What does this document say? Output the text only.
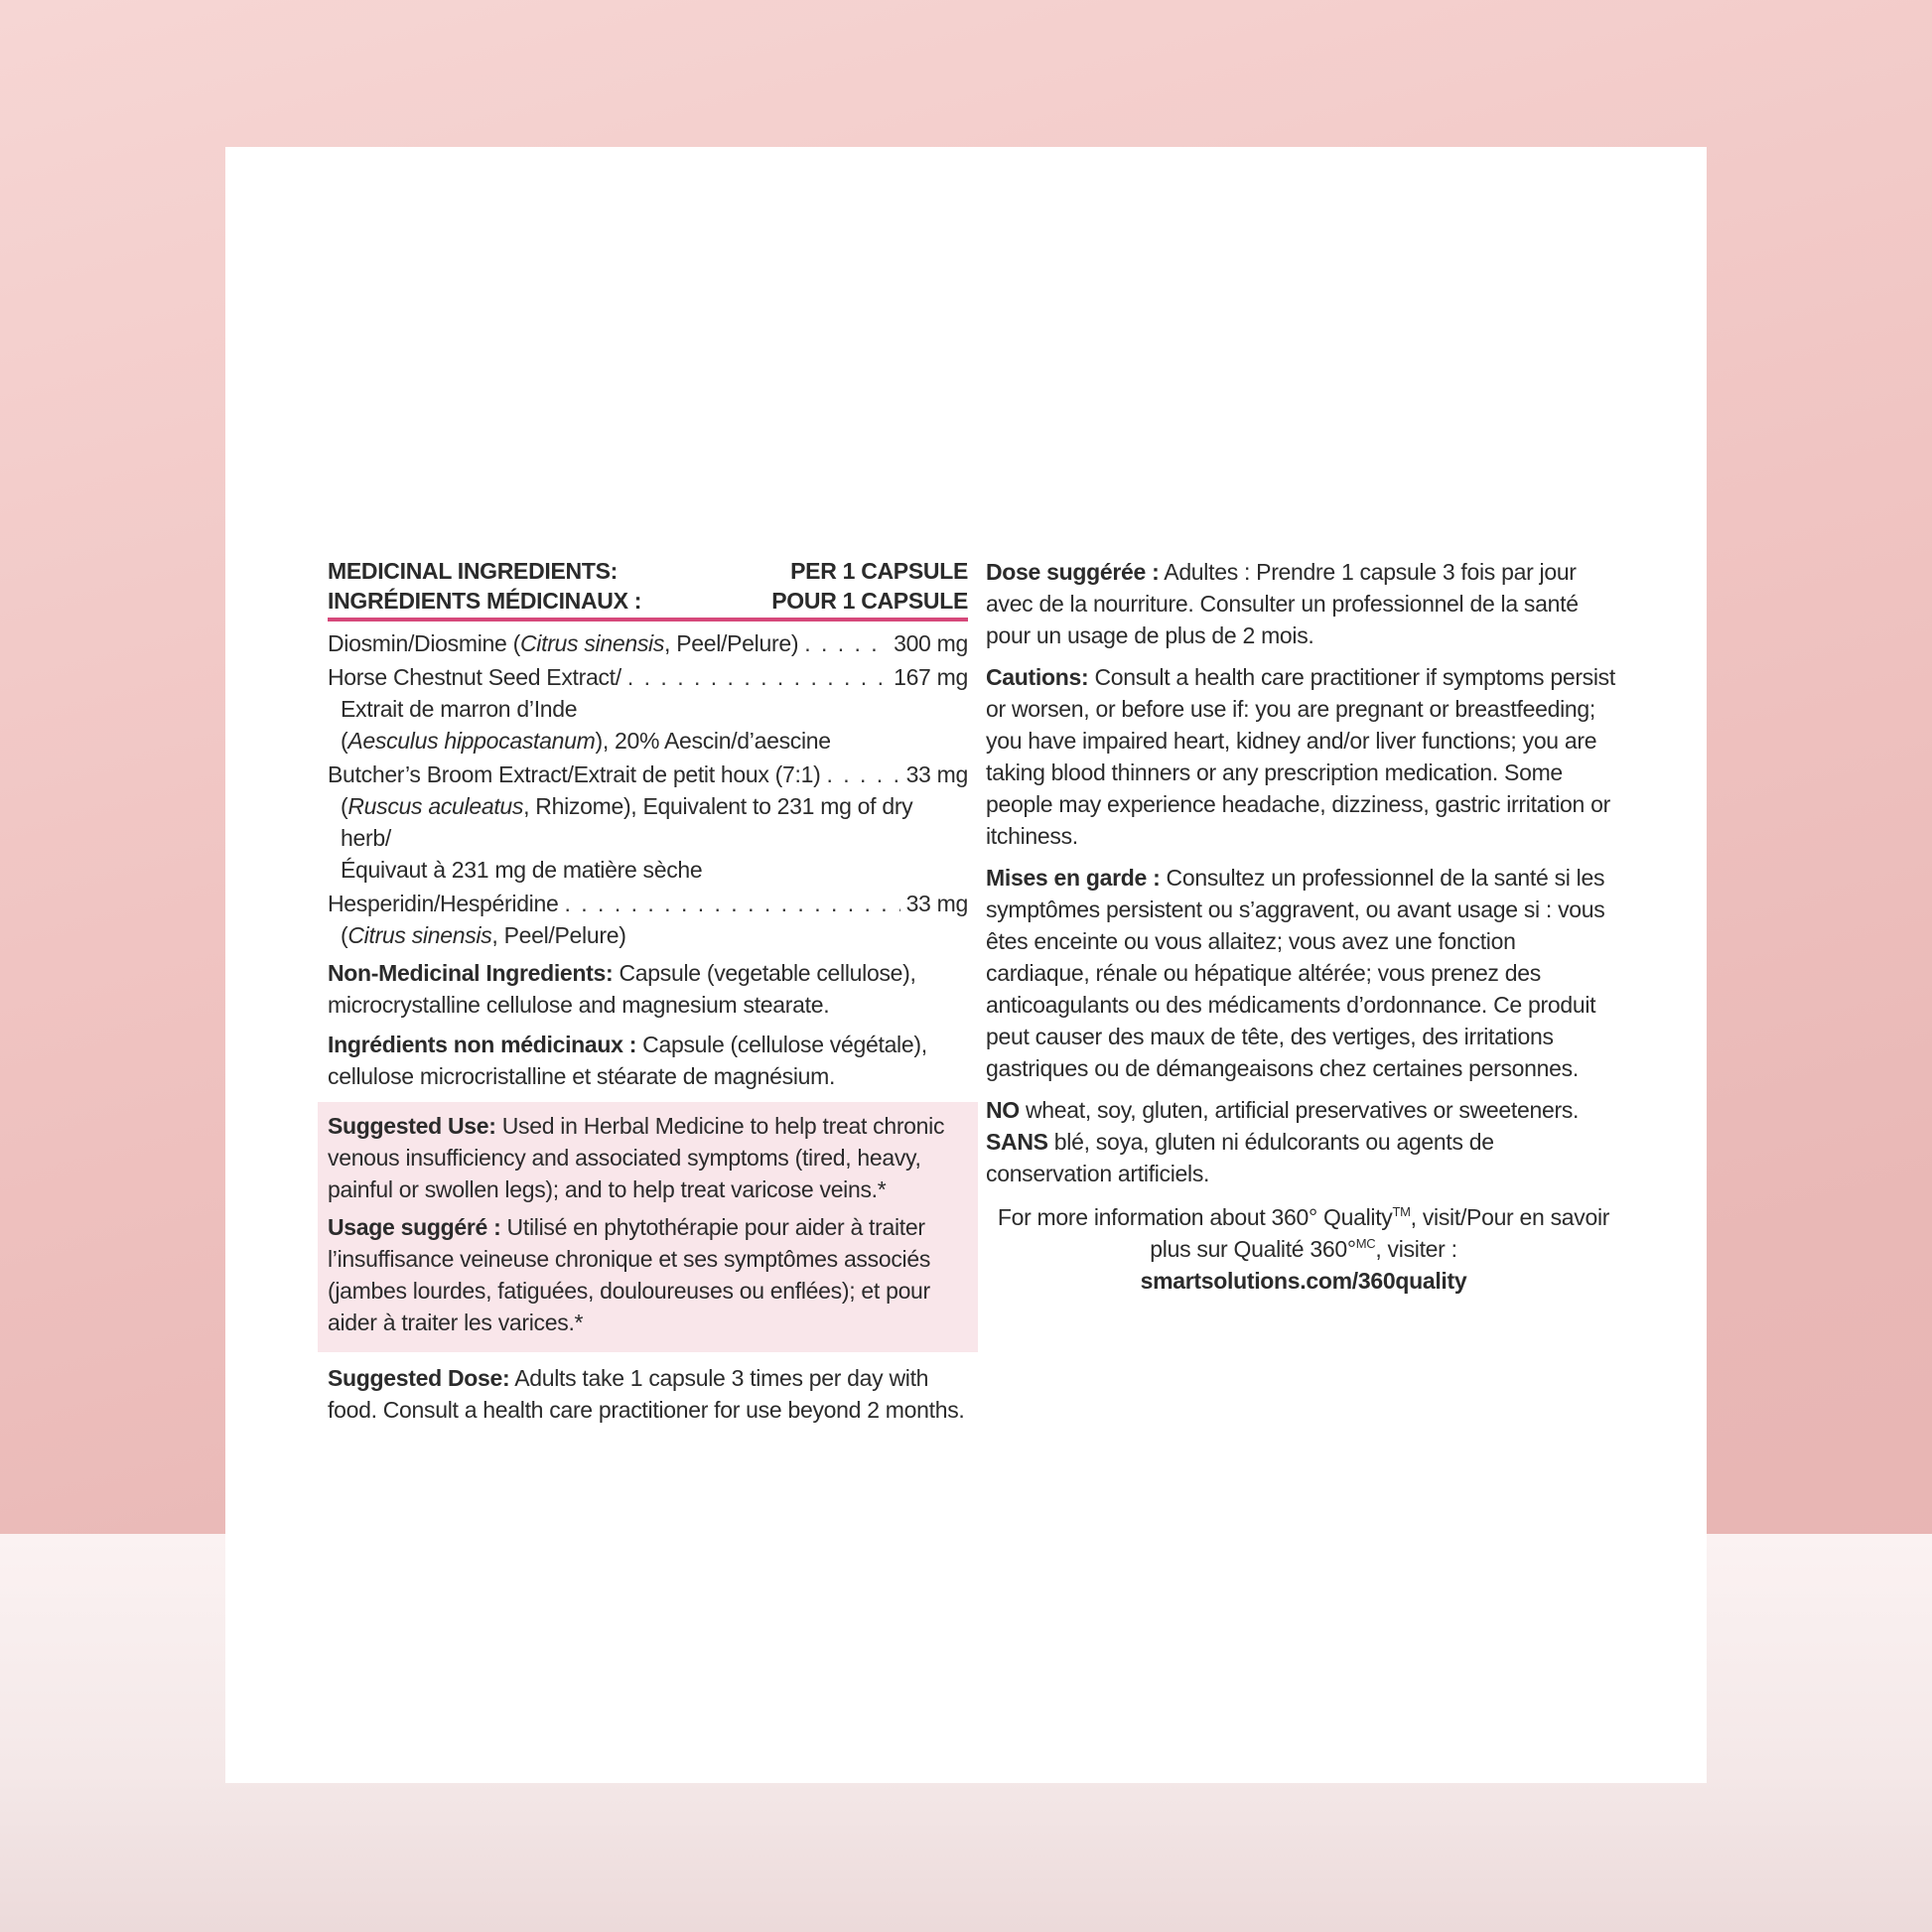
MEDICINAL INGREDIENTS:	PER 1 CAPSULE
INGRÉDIENTS MÉDICINAUX :	POUR 1 CAPSULE
Diosmin/Diosmine (Citrus sinensis, Peel/Pelure) . . .	300 mg
Horse Chestnut Seed Extract/ . . .	167 mg
Extrait de marron d’Inde
(Aesculus hippocastanum), 20% Aescin/d’aescine
Butcher’s Broom Extract/Extrait de petit houx (7:1) . . .	33 mg
(Ruscus aculeatus, Rhizome), Equivalent to 231 mg of dry herb/
Équivaut à 231 mg de matière sèche
Hesperidin/Hespéridine . . .	33 mg
(Citrus sinensis, Peel/Pelure)
Non-Medicinal Ingredients: Capsule (vegetable cellulose), microcrystalline cellulose and magnesium stearate.
Ingrédients non médicinaux : Capsule (cellulose végétale), cellulose microcristalline et stéarate de magnésium.
Suggested Use: Used in Herbal Medicine to help treat chronic venous insufficiency and associated symptoms (tired, heavy, painful or swollen legs); and to help treat varicose veins.*
Usage suggéré : Utilisé en phytothérapie pour aider à traiter l’insuffisance veineuse chronique et ses symptômes associés (jambes lourdes, fatiguées, douloureuses ou enflées); et pour aider à traiter les varices.*
Suggested Dose: Adults take 1 capsule 3 times per day with food. Consult a health care practitioner for use beyond 2 months.
Dose suggérée : Adultes : Prendre 1 capsule 3 fois par jour avec de la nourriture. Consulter un professionnel de la santé pour un usage de plus de 2 mois.
Cautions: Consult a health care practitioner if symptoms persist or worsen, or before use if: you are pregnant or breastfeeding; you have impaired heart, kidney and/or liver functions; you are taking blood thinners or any prescription medication. Some people may experience headache, dizziness, gastric irritation or itchiness.
Mises en garde : Consultez un professionnel de la santé si les symptômes persistent ou s’aggravent, ou avant usage si : vous êtes enceinte ou vous allaitez; vous avez une fonction cardiaque, rénale ou hépatique altérée; vous prenez des anticoagulants ou des médicaments d’ordonnance. Ce produit peut causer des maux de tête, des vertiges, des irritations gastriques ou de démangeaisons chez certaines personnes.
NO wheat, soy, gluten, artificial preservatives or sweeteners.
SANS blé, soya, gluten ni édulcorants ou agents de conservation artificiels.
For more information about 360° Quality™, visit/Pour en savoir plus sur Qualité 360°$^{MC}$, visiter : smartsolutions.com/360quality
